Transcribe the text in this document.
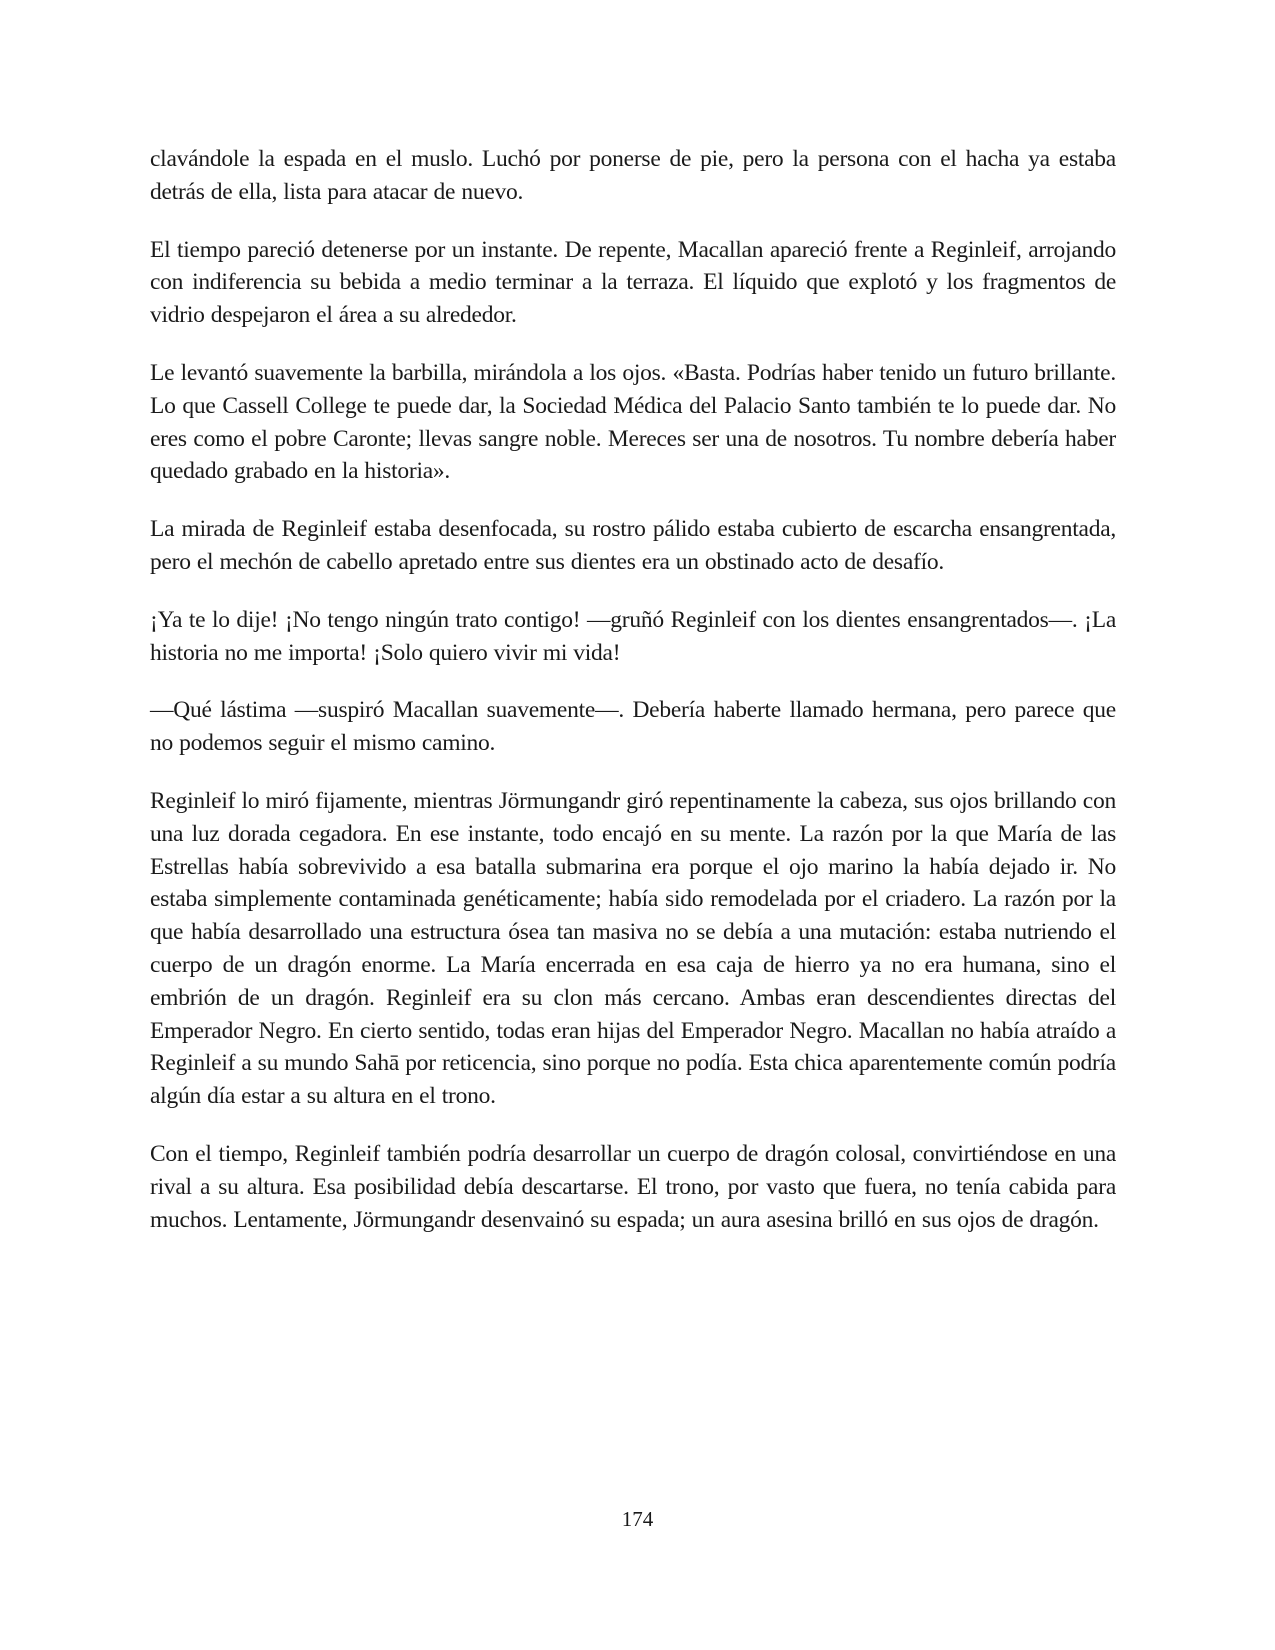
clavándole la espada en el muslo. Luchó por ponerse de pie, pero la persona con el hacha ya estaba detrás de ella, lista para atacar de nuevo.

El tiempo pareció detenerse por un instante. De repente, Macallan apareció frente a Reginleif, arrojando con indiferencia su bebida a medio terminar a la terraza. El líquido que explotó y los fragmentos de vidrio despejaron el área a su alrededor.

Le levantó suavemente la barbilla, mirándola a los ojos. «Basta. Podrías haber tenido un futuro brillante. Lo que Cassell College te puede dar, la Sociedad Médica del Palacio Santo también te lo puede dar. No eres como el pobre Caronte; llevas sangre noble. Mereces ser una de nosotros. Tu nombre debería haber quedado grabado en la historia».

La mirada de Reginleif estaba desenfocada, su rostro pálido estaba cubierto de escarcha ensangrentada, pero el mechón de cabello apretado entre sus dientes era un obstinado acto de desafío.

¡Ya te lo dije! ¡No tengo ningún trato contigo! —gruñó Reginleif con los dientes ensangrentados—. ¡La historia no me importa! ¡Solo quiero vivir mi vida!

—Qué lástima —suspiró Macallan suavemente—. Debería haberte llamado hermana, pero parece que no podemos seguir el mismo camino.

Reginleif lo miró fijamente, mientras Jörmungandr giró repentinamente la cabeza, sus ojos brillando con una luz dorada cegadora. En ese instante, todo encajó en su mente. La razón por la que María de las Estrellas había sobrevivido a esa batalla submarina era porque el ojo marino la había dejado ir. No estaba simplemente contaminada genéticamente; había sido remodelada por el criadero. La razón por la que había desarrollado una estructura ósea tan masiva no se debía a una mutación: estaba nutriendo el cuerpo de un dragón enorme. La María encerrada en esa caja de hierro ya no era humana, sino el embrión de un dragón. Reginleif era su clon más cercano. Ambas eran descendientes directas del Emperador Negro. En cierto sentido, todas eran hijas del Emperador Negro. Macallan no había atraído a Reginleif a su mundo Sahā por reticencia, sino porque no podía. Esta chica aparentemente común podría algún día estar a su altura en el trono.

Con el tiempo, Reginleif también podría desarrollar un cuerpo de dragón colosal, convirtiéndose en una rival a su altura. Esa posibilidad debía descartarse. El trono, por vasto que fuera, no tenía cabida para muchos. Lentamente, Jörmungandr desenvainó su espada; un aura asesina brilló en sus ojos de dragón.

174
